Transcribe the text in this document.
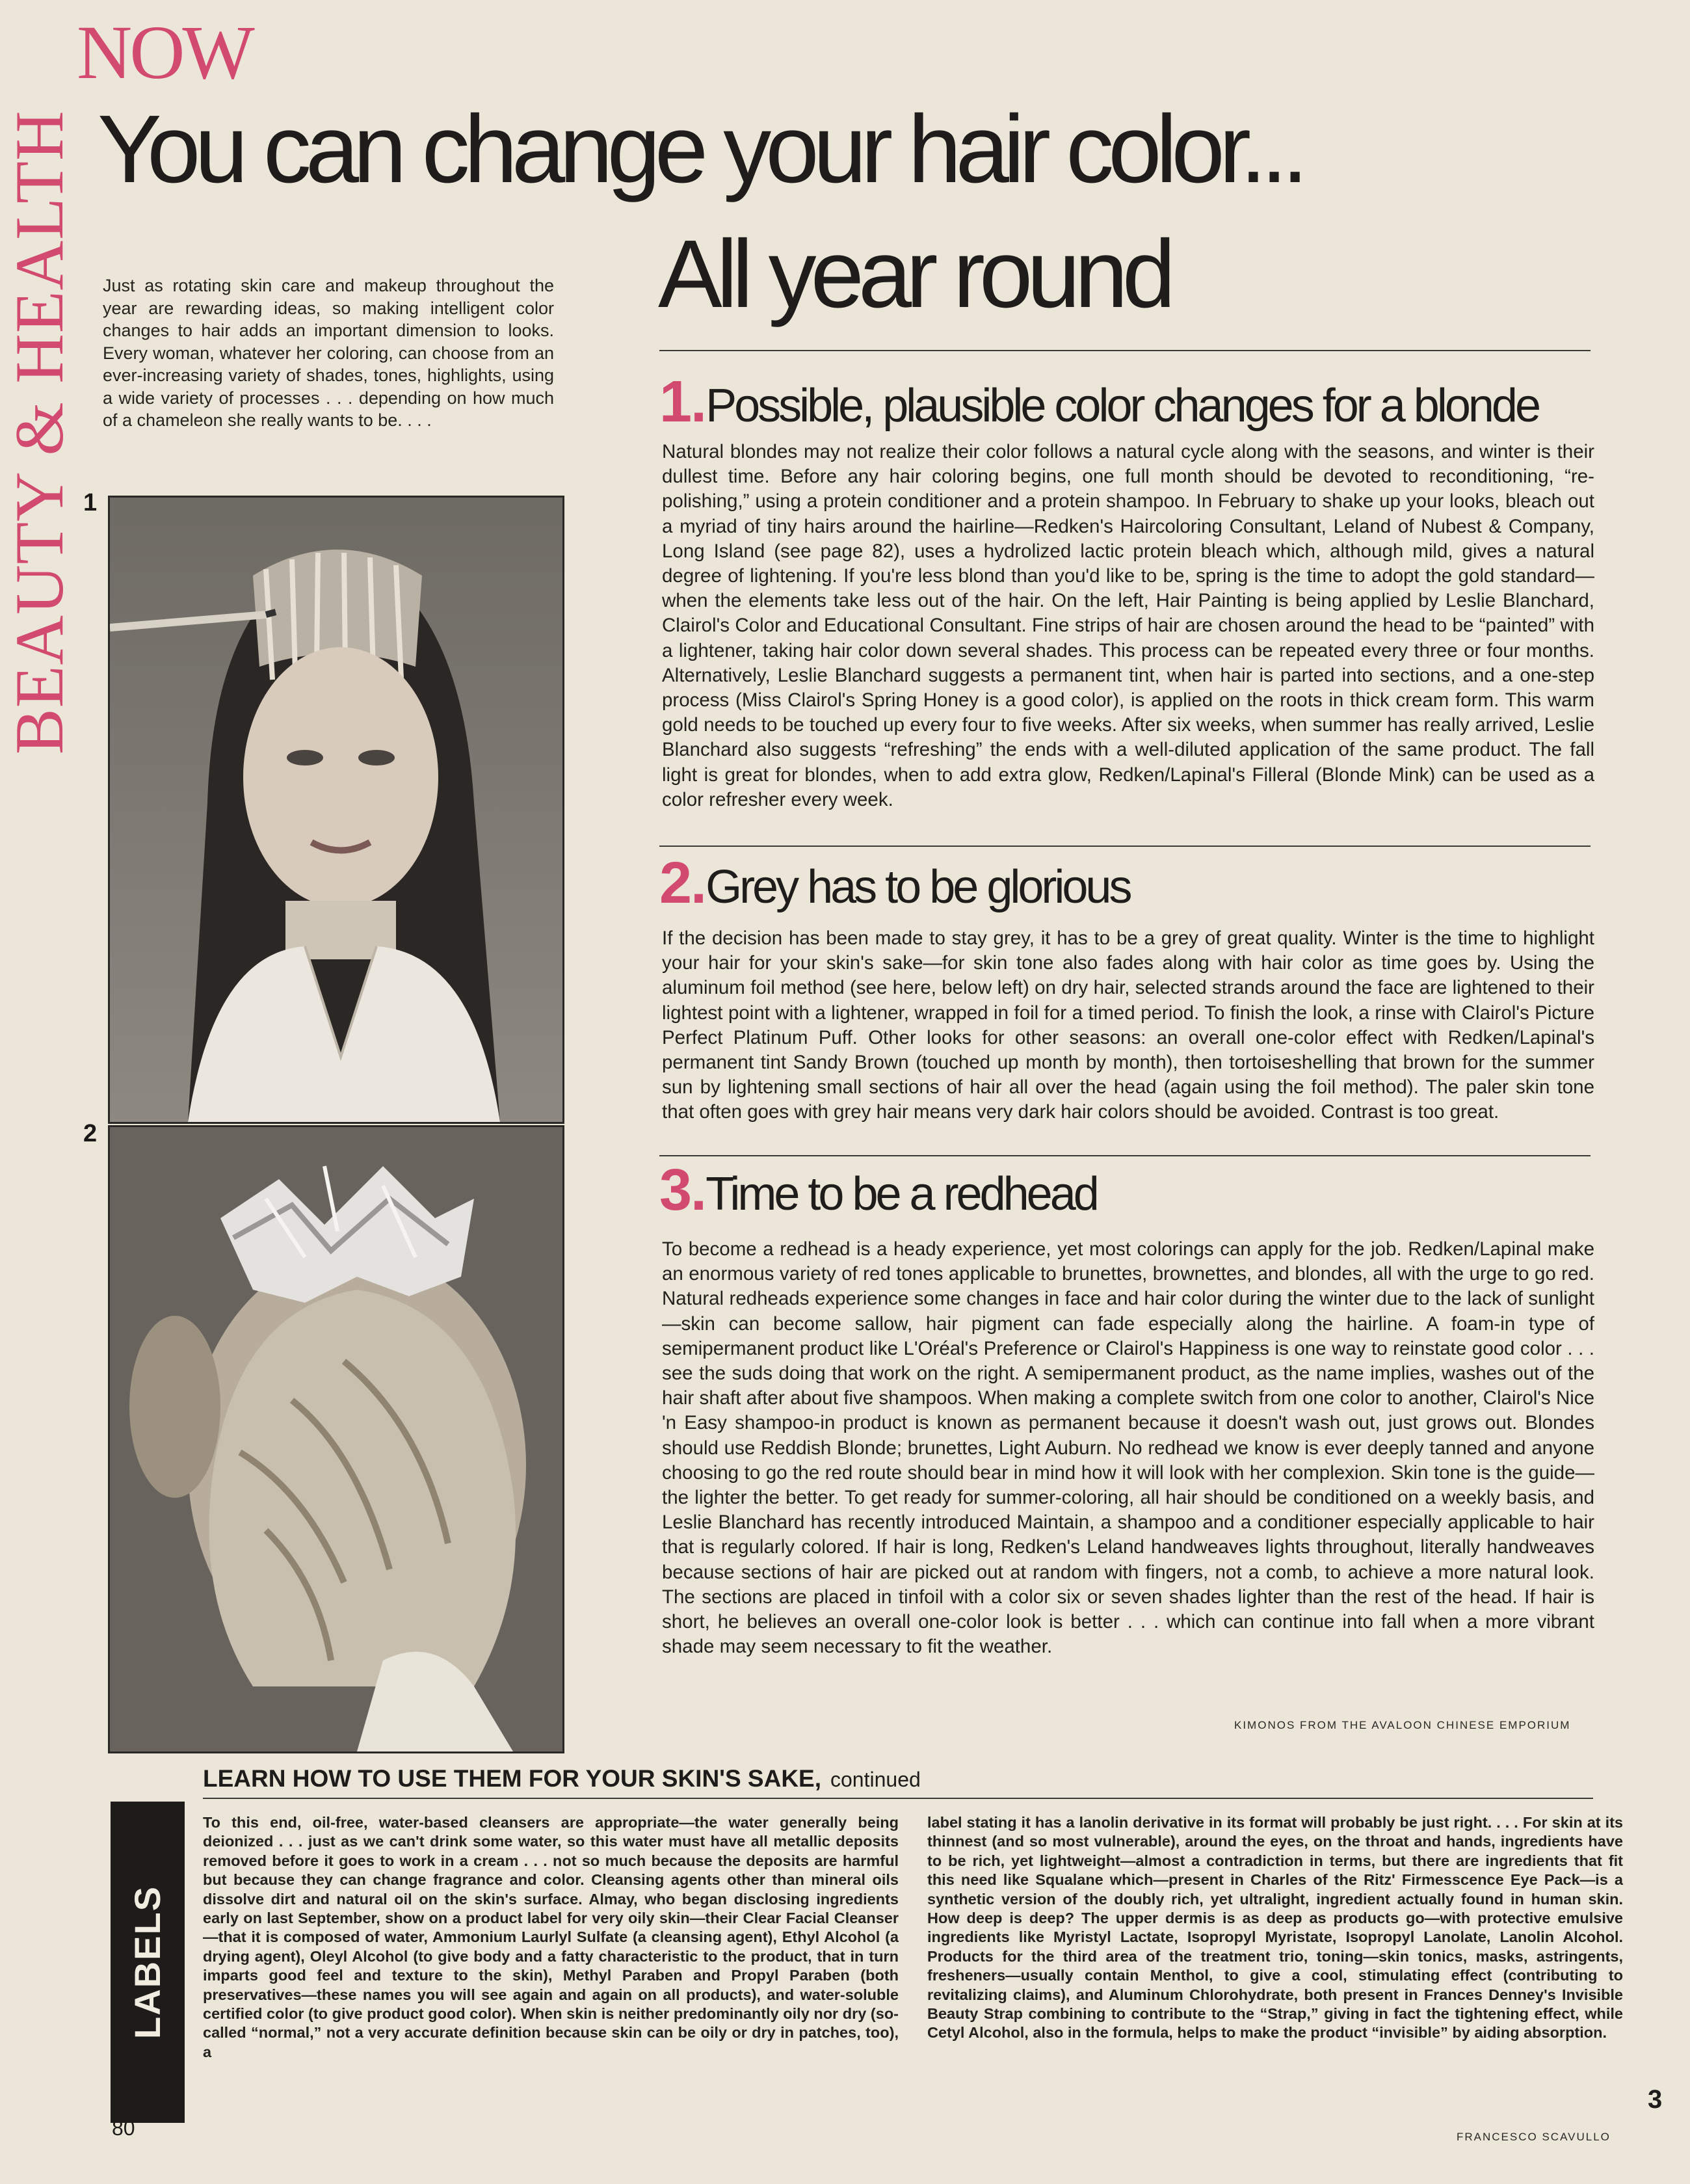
BEAUTY & HEALTH
NOW
You can change your hair color...
All year round
Just as rotating skin care and makeup throughout the year are rewarding ideas, so making intelligent color changes to hair adds an important dimension to looks. Every woman, whatever her coloring, can choose from an ever-increasing variety of shades, tones, highlights, using a wide variety of processes . . . depending on how much of a chameleon she really wants to be. . . .
1
2
1.Possible, plausible color changes for a blonde
Natural blondes may not realize their color follows a natural cycle along with the seasons, and winter is their dullest time. Before any hair coloring begins, one full month should be devoted to reconditioning, “re-polishing,” using a protein conditioner and a protein shampoo. In February to shake up your looks, bleach out a myriad of tiny hairs around the hairline—Redken's Haircoloring Consultant, Leland of Nubest & Company, Long Island (see page 82), uses a hydrolized lactic protein bleach which, although mild, gives a natural degree of lightening. If you're less blond than you'd like to be, spring is the time to adopt the gold standard—when the elements take less out of the hair. On the left, Hair Painting is being applied by Leslie Blanchard, Clairol's Color and Educational Consultant. Fine strips of hair are chosen around the head to be “painted” with a lightener, taking hair color down several shades. This process can be repeated every three or four months. Alternatively, Leslie Blanchard suggests a permanent tint, when hair is parted into sections, and a one-step process (Miss Clairol's Spring Honey is a good color), is applied on the roots in thick cream form. This warm gold needs to be touched up every four to five weeks. After six weeks, when summer has really arrived, Leslie Blanchard also suggests “refreshing” the ends with a well-diluted application of the same product. The fall light is great for blondes, when to add extra glow, Redken/Lapinal's Filleral (Blonde Mink) can be used as a color refresher every week.
2.Grey has to be glorious
If the decision has been made to stay grey, it has to be a grey of great quality. Winter is the time to highlight your hair for your skin's sake—for skin tone also fades along with hair color as time goes by. Using the aluminum foil method (see here, below left) on dry hair, selected strands around the face are lightened to their lightest point with a lightener, wrapped in foil for a timed period. To finish the look, a rinse with Clairol's Picture Perfect Platinum Puff. Other looks for other seasons: an overall one-color effect with Redken/Lapinal's permanent tint Sandy Brown (touched up month by month), then tortoiseshelling that brown for the summer sun by lightening small sections of hair all over the head (again using the foil method). The paler skin tone that often goes with grey hair means very dark hair colors should be avoided. Contrast is too great.
3.Time to be a redhead
To become a redhead is a heady experience, yet most colorings can apply for the job. Redken/Lapinal make an enormous variety of red tones applicable to brunettes, brownettes, and blondes, all with the urge to go red. Natural redheads experience some changes in face and hair color during the winter due to the lack of sunlight—skin can become sallow, hair pigment can fade especially along the hairline. A foam-in type of semipermanent product like L'Oréal's Preference or Clairol's Happiness is one way to reinstate good color . . . see the suds doing that work on the right. A semipermanent product, as the name implies, washes out of the hair shaft after about five shampoos. When making a complete switch from one color to another, Clairol's Nice 'n Easy shampoo-in product is known as permanent because it doesn't wash out, just grows out. Blondes should use Reddish Blonde; brunettes, Light Auburn. No redhead we know is ever deeply tanned and anyone choosing to go the red route should bear in mind how it will look with her complexion. Skin tone is the guide—the lighter the better. To get ready for summer-coloring, all hair should be conditioned on a weekly basis, and Leslie Blanchard has recently introduced Maintain, a shampoo and a conditioner especially applicable to hair that is regularly colored. If hair is long, Redken's Leland handweaves lights throughout, literally handweaves because sections of hair are picked out at random with fingers, not a comb, to achieve a more natural look. The sections are placed in tinfoil with a color six or seven shades lighter than the rest of the head. If hair is short, he believes an overall one-color look is better . . . which can continue into fall when a more vibrant shade may seem necessary to fit the weather.
KIMONOS FROM THE AVALOON CHINESE EMPORIUM
LEARN HOW TO USE THEM FOR YOUR SKIN'S SAKE, continued
LABELS
To this end, oil-free, water-based cleansers are appropriate—the water generally being deionized . . . just as we can't drink some water, so this water must have all metallic deposits removed before it goes to work in a cream . . . not so much because the deposits are harmful but because they can change fragrance and color. Cleansing agents other than mineral oils dissolve dirt and natural oil on the skin's surface. Almay, who began disclosing ingredients early on last September, show on a product label for very oily skin—their Clear Facial Cleanser—that it is composed of water, Ammonium Laurlyl Sulfate (a cleansing agent), Ethyl Alcohol (a drying agent), Oleyl Alcohol (to give body and a fatty characteristic to the product, that in turn imparts good feel and texture to the skin), Methyl Paraben and Propyl Paraben (both preservatives—these names you will see again and again on all products), and water-soluble certified color (to give product good color). When skin is neither predominantly oily nor dry (so-called “normal,” not a very accurate definition because skin can be oily or dry in patches, too), a
label stating it has a lanolin derivative in its format will probably be just right. . . . For skin at its thinnest (and so most vulnerable), around the eyes, on the throat and hands, ingredients have to be rich, yet lightweight—almost a contradiction in terms, but there are ingredients that fit this need like Squalane which—present in Charles of the Ritz' Firmesscence Eye Pack—is a synthetic version of the doubly rich, yet ultralight, ingredient actually found in human skin. How deep is deep? The upper dermis is as deep as products go—with protective emulsive ingredients like Myristyl Lactate, Isopropyl Myristate, Isopropyl Lanolate, Lanolin Alcohol. Products for the third area of the treatment trio, toning—skin tonics, masks, astringents, fresheners—usually contain Menthol, to give a cool, stimulating effect (contributing to revitalizing claims), and Aluminum Chlorohydrate, both present in Frances Denney's Invisible Beauty Strap combining to contribute to the “Strap,” giving in fact the tightening effect, while Cetyl Alcohol, also in the formula, helps to make the product “invisible” by aiding absorption.
80
3
FRANCESCO SCAVULLO
